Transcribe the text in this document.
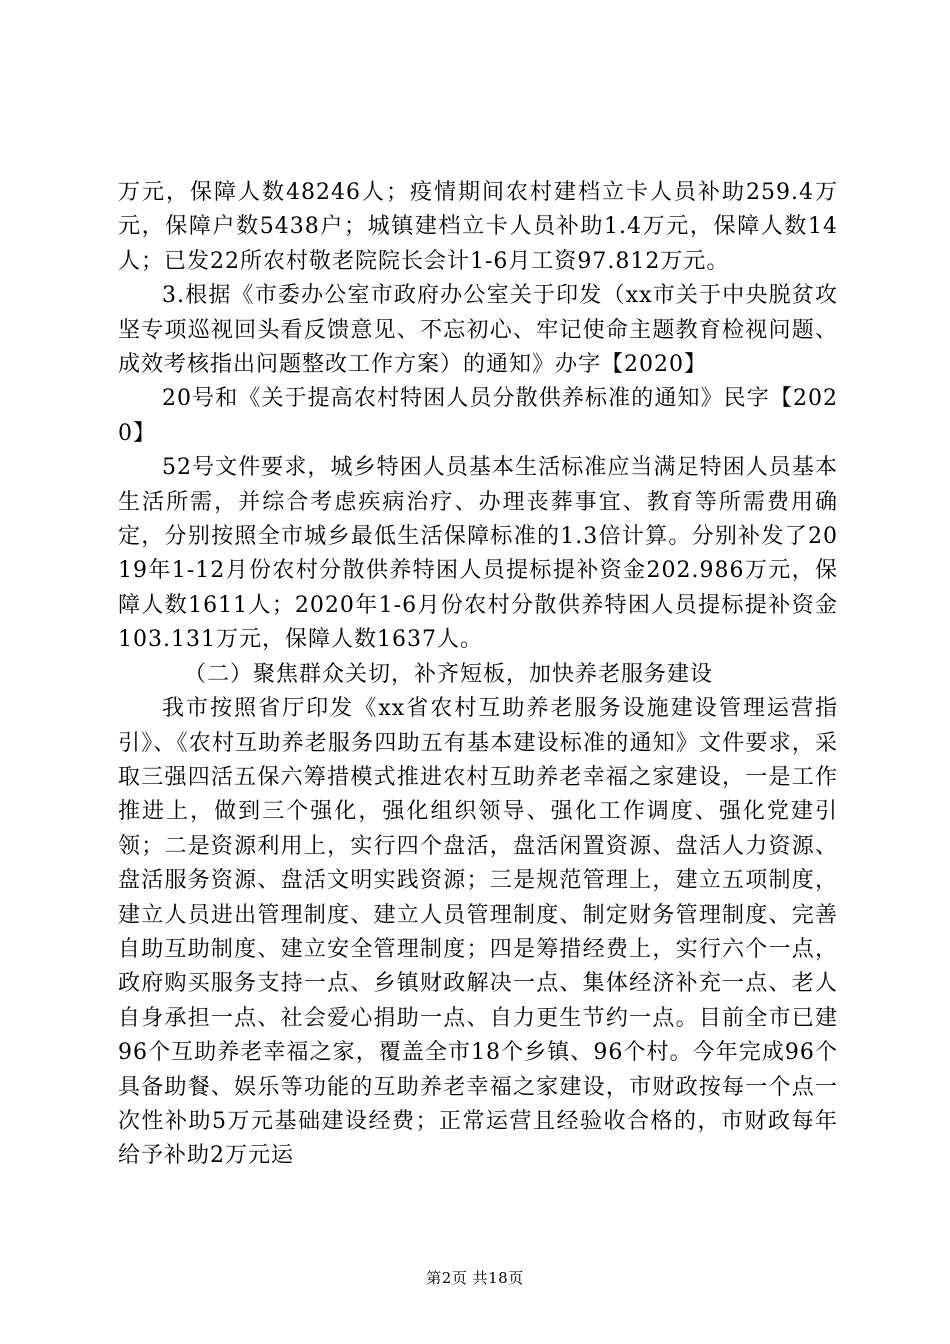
万元，保障人数48246人；疫情期间农村建档立卡人员补助259.4万元，保障户数5438户；城镇建档立卡人员补助1.4万元，保障人数14人；已发22所农村敬老院院长会计1-6月工资97.812万元。

3.根据《市委办公室市政府办公室关于印发（xx市关于中央脱贫攻坚专项巡视回头看反馈意见、不忘初心、牢记使命主题教育检视问题、成效考核指出问题整改工作方案）的通知》办字【2020】

20号和《关于提高农村特困人员分散供养标准的通知》民字【2020】

52号文件要求，城乡特困人员基本生活标准应当满足特困人员基本生活所需，并综合考虑疾病治疗、办理丧葬事宜、教育等所需费用确定，分别按照全市城乡最低生活保障标准的1.3倍计算。分别补发了2019年1-12月份农村分散供养特困人员提标提补资金202.986万元，保障人数1611人；2020年1-6月份农村分散供养特困人员提标提补资金103.131万元，保障人数1637人。

（二）聚焦群众关切，补齐短板，加快养老服务建设

我市按照省厅印发《xx省农村互助养老服务设施建设管理运营指引》、《农村互助养老服务四助五有基本建设标准的通知》文件要求，采取三强四活五保六筹措模式推进农村互助养老幸福之家建设，一是工作推进上，做到三个强化，强化组织领导、强化工作调度、强化党建引领；二是资源利用上，实行四个盘活，盘活闲置资源、盘活人力资源、盘活服务资源、盘活文明实践资源；三是规范管理上，建立五项制度，建立人员进出管理制度、建立人员管理制度、制定财务管理制度、完善自助互助制度、建立安全管理制度；四是筹措经费上，实行六个一点，政府购买服务支持一点、乡镇财政解决一点、集体经济补充一点、老人自身承担一点、社会爱心捐助一点、自力更生节约一点。目前全市已建96个互助养老幸福之家，覆盖全市18个乡镇、96个村。今年完成96个具备助餐、娱乐等功能的互助养老幸福之家建设，市财政按每一个点一次性补助5万元基础建设经费；正常运营且经验收合格的，市财政每年给予补助2万元运

第2页 共18页
